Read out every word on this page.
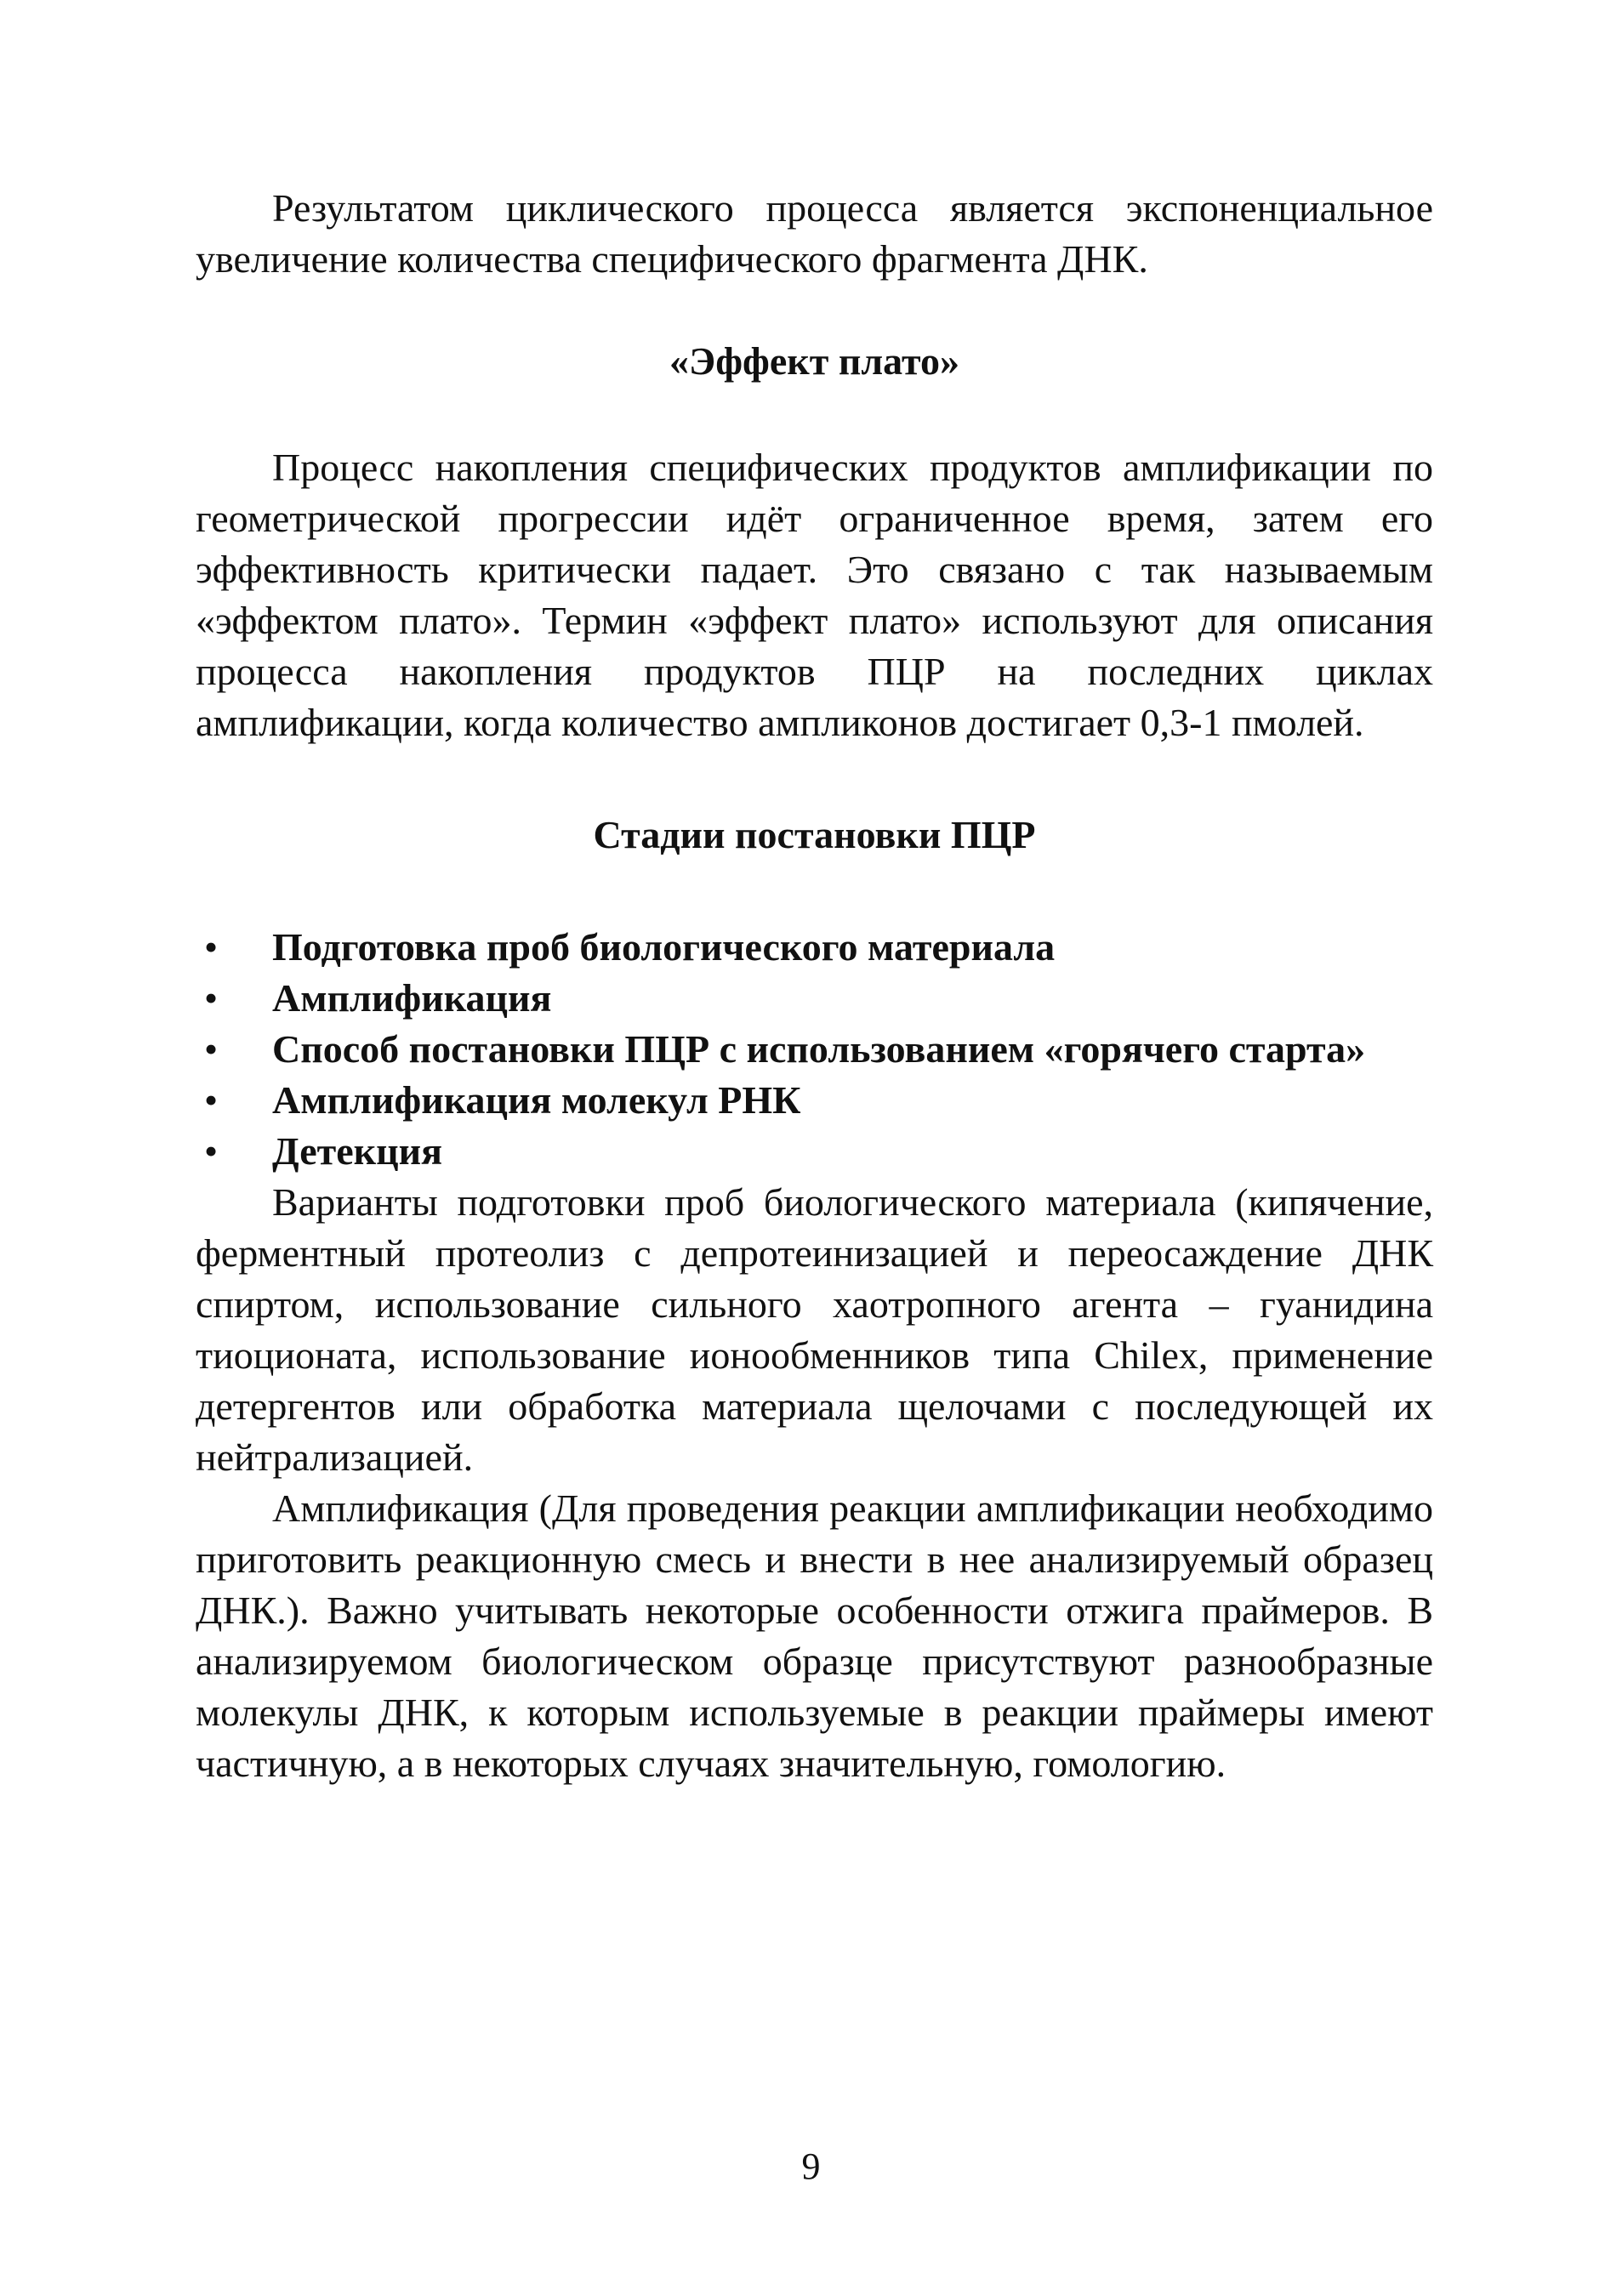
Результатом циклического процесса является экспоненциальное увеличение количества специфического фрагмента ДНК.

«Эффект плато»

Процесс накопления специфических продуктов амплификации по геометрической прогрессии идёт ограниченное время, затем его эффективность критически падает. Это связано с так называемым «эффектом плато». Термин «эффект плато» используют для описания процесса накопления продуктов ПЦР на последних циклах амплификации, когда количество ампликонов достигает 0,3-1 пмолей.

Стадии постановки ПЦР
• Подготовка проб биологического материала
• Амплификация
• Способ постановки ПЦР с использованием «горячего старта»
• Амплификация молекул РНК
• Детекция

Варианты подготовки проб биологического материала (кипячение, ферментный протеолиз с депротеинизацией и переосаждение ДНК спиртом, использование сильного хаотропного агента – гуанидина тиоционата, использование ионообменников типа Chilex, применение детергентов или обработка материала щелочами с последующей их нейтрализацией.

Амплификация (Для проведения реакции амплификации необходимо приготовить реакционную смесь и внести в нее анализируемый образец ДНК.). Важно учитывать некоторые особенности отжига праймеров. В анализируемом биологическом образце присутствуют разнообразные молекулы ДНК, к которым используемые в реакции праймеры имеют частичную, а в некоторых случаях значительную, гомологию.

9
